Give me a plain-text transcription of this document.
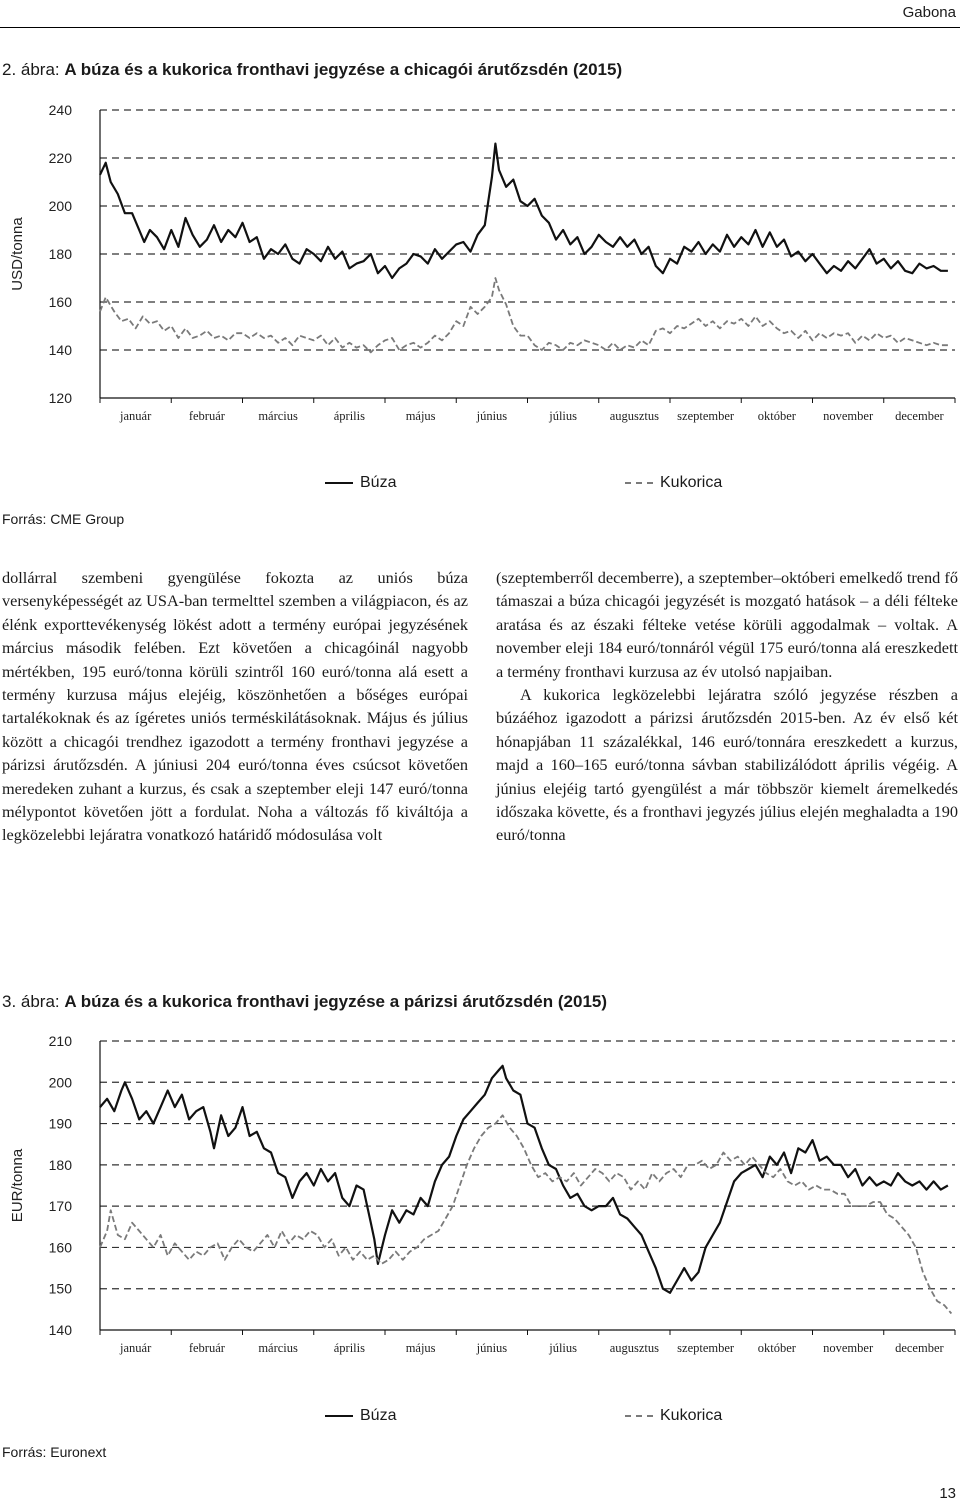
Gabona
2. ábra: A búza és a kukorica fronthavi jegyzése a chicagói árutőzsdén (2015)
240
220
200
180
160
140
120
január	február	március	április	május	június	július	augusztus szeptember október november december
USD/tonna
Búza	Kukorica
Forrás: CME Group

dollárral szembeni gyengülése fokozta az uniós búza versenyképességét az USA-ban termelttel szemben a világpiacon, és az élénk exporttevékenység lökést adott a termény európai jegyzésének március második felében. Ezt követően a chicagóinál nagyobb mértékben, 195 euró/tonna körüli szintről 160 euró/tonna alá esett a termény kurzusa május elejéig, köszönhetően a bőséges európai tartalékoknak és az ígéretes uniós terméskilátásoknak. Május és július között a chicagói trendhez igazodott a termény fronthavi jegyzése a párizsi árutőzsdén. A júniusi 204 euró/tonna éves csúcsot követően meredeken zuhant a kurzus, és csak a szeptember eleji 147 euró/tonna mélypontot követően jött a fordulat. Noha a változás fő kiváltója a legközelebbi lejáratra vonatkozó határidő módosulása volt

(szeptemberről decemberre), a szeptember–októberi emelkedő trend fő támaszai a búza chicagói jegyzését is mozgató hatások – a déli félteke aratása és az északi félteke vetése körüli aggodalmak – voltak. A november eleji 184 euró/tonnáról végül 175 euró/tonna alá ereszkedett a termény fronthavi kurzusa az év utolsó napjaiban.

A kukorica legközelebbi lejáratra szóló jegyzése részben a búzáéhoz igazodott a párizsi árutőzsdén 2015-ben. Az év első két hónapjában 11 százalékkal, 146 euró/tonnára ereszkedett a kurzus, majd a 160–165 euró/tonna sávban stabilizálódott április végéig. A június elejéig tartó gyengülést a már többször kiemelt áremelkedés időszaka követte, és a fronthavi jegyzés július elején meghaladta a 190 euró/tonna

3. ábra: A búza és a kukorica fronthavi jegyzése a párizsi árutőzsdén (2015)
210
200
190
180
170
160
150
140
január	február	március	április	május	június	július	augusztus szeptember október november december
EUR/tonna
Búza	Kukorica
Forrás: Euronext
13
